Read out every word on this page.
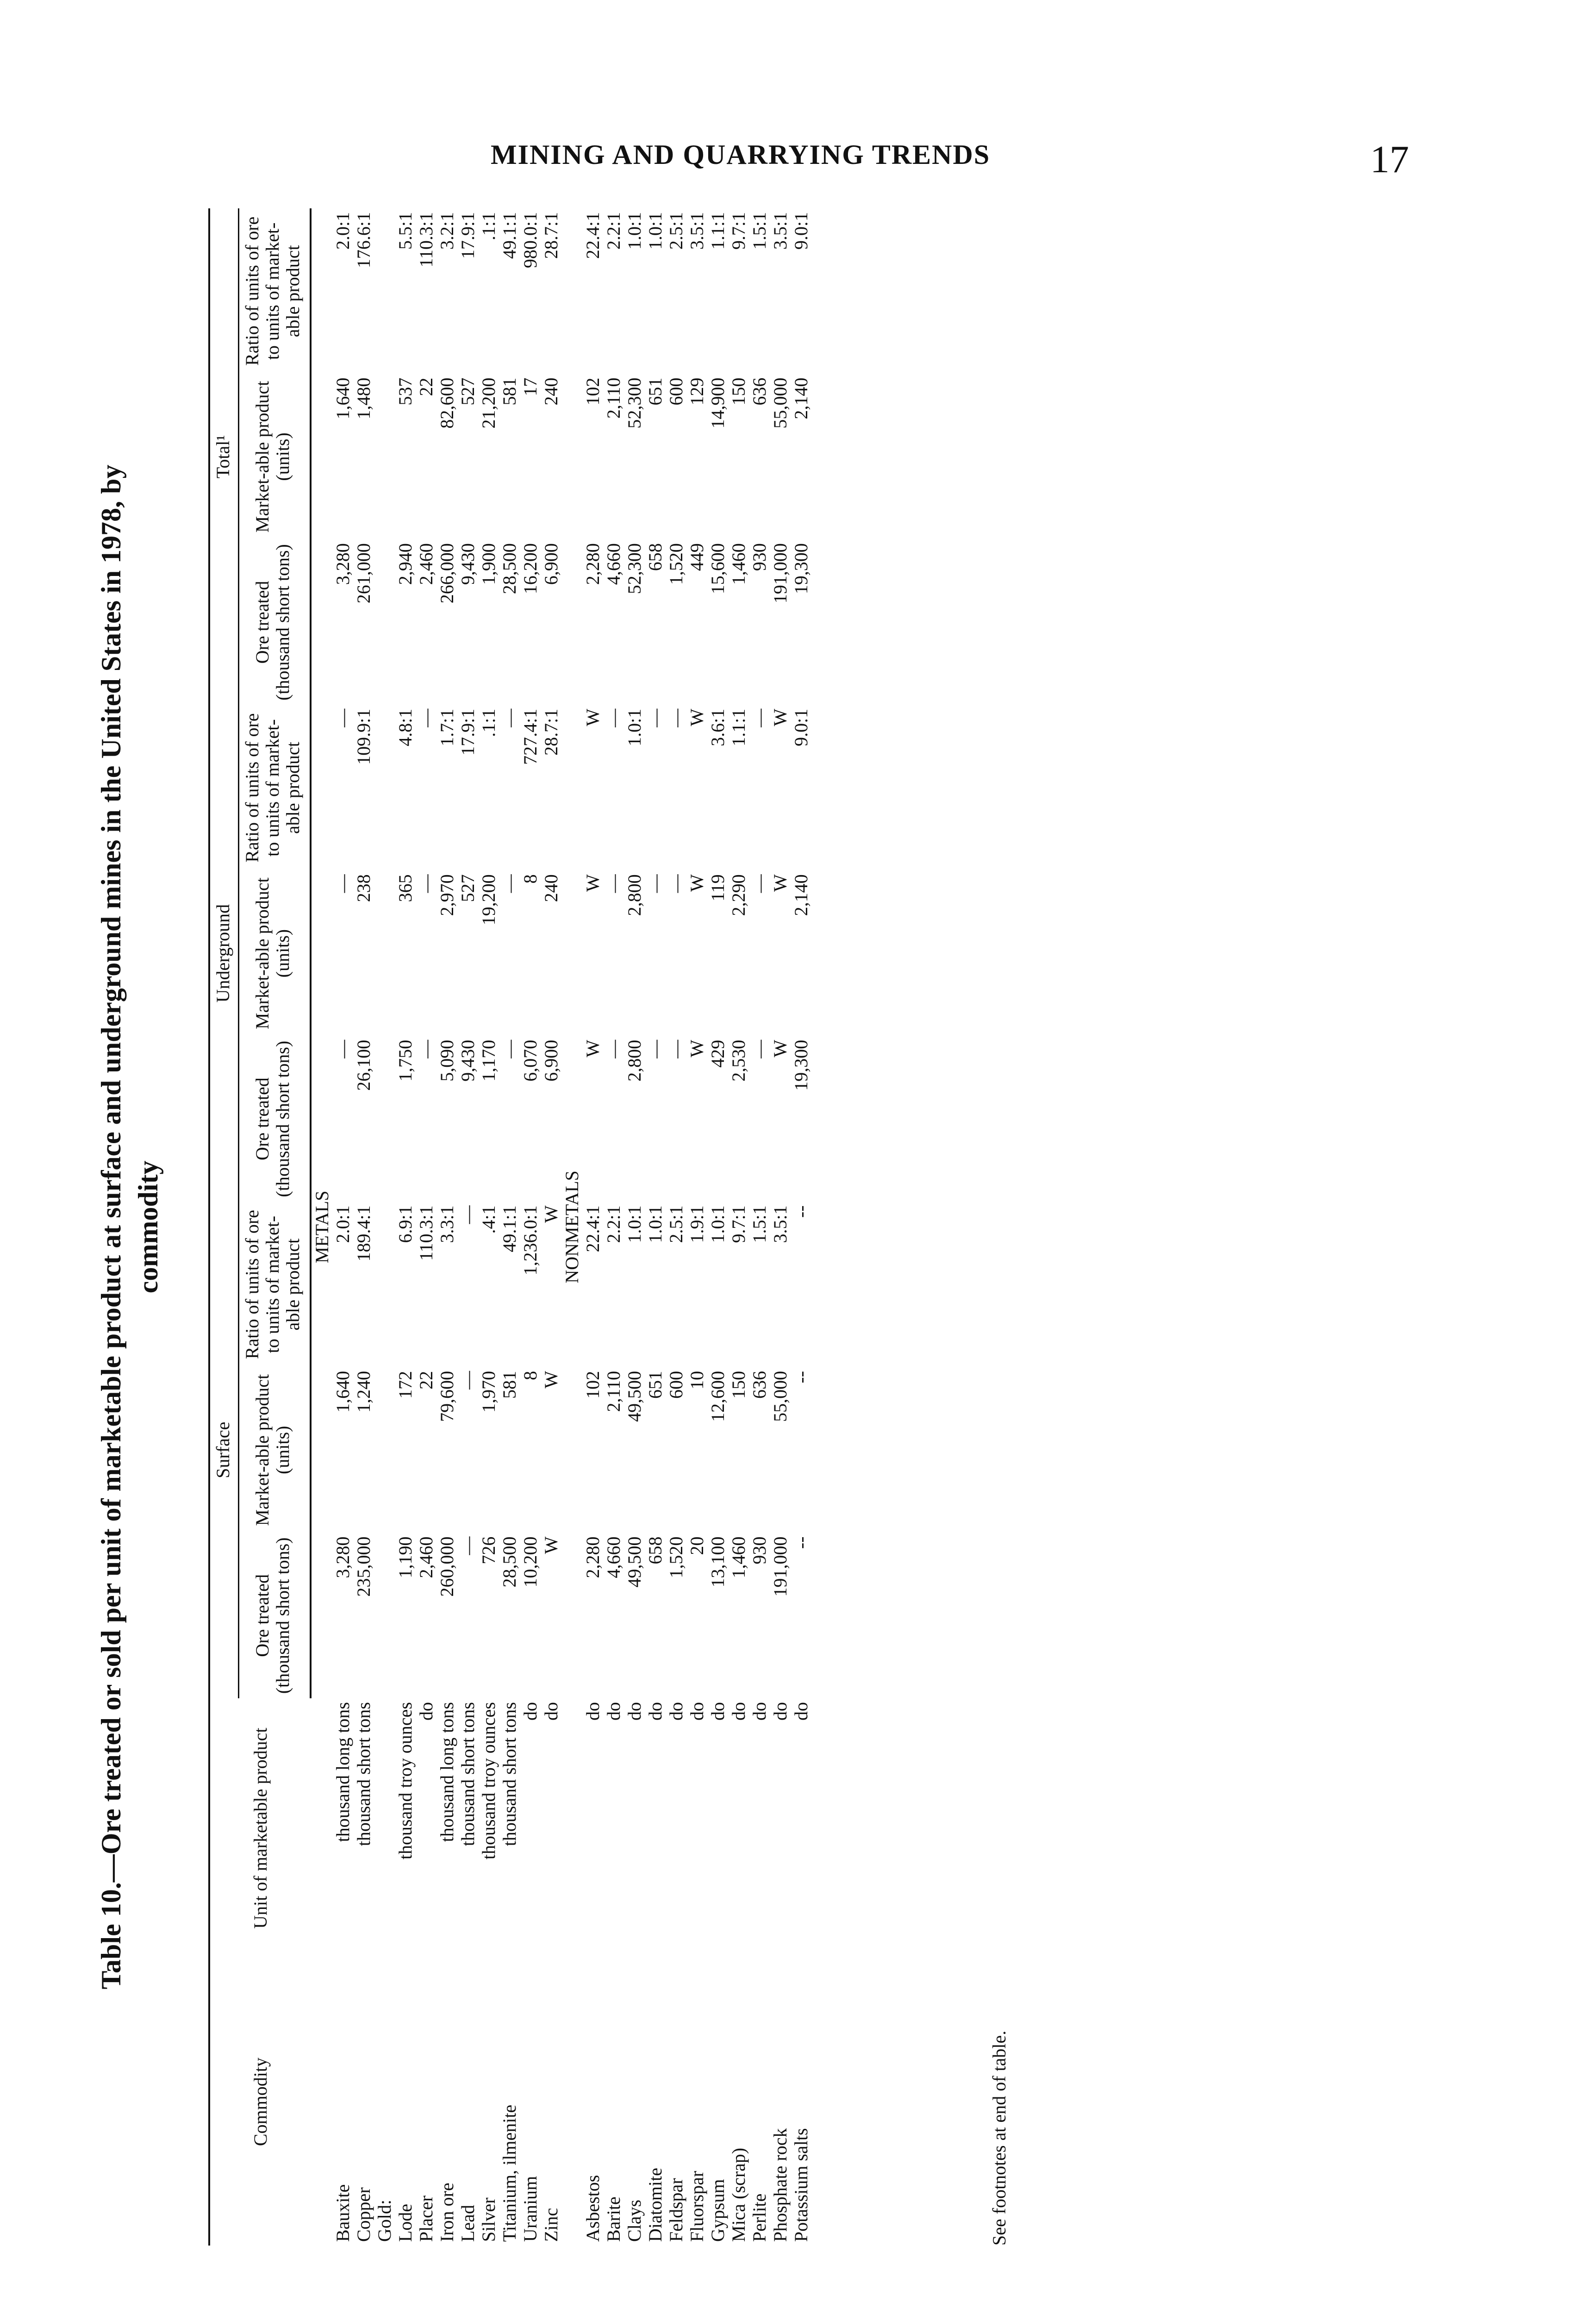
MINING AND QUARRYING TRENDS	17
Table 10.—Ore treated or sold per unit of marketable product at surface and underground mines in the United States in 1978, by commodity
Commodity	Unit of marketable product	Surface			Underground			Total¹		
		Ore treated (thousand short tons)	Market-able product (units)	Ratio of units of ore to units of market-able product	Ore treated (thousand short tons)	Market-able product (units)	Ratio of units of ore to units of market-able product	Ore treated (thousand short tons)	Market-able product (units)	Ratio of units of ore to units of market-able product
METALS										
Bauxite	thousand long tons	3,280	1,640	2.0:1	—	—	—	3,280	1,640	2.0:1
Copper	thousand short tons	235,000	1,240	189.4:1	26,100	238	109.9:1	261,000	1,480	176.6:1
Gold:										
Lode	thousand troy ounces	1,190	172	6.9:1	1,750	365	4.8:1	2,940	537	5.5:1
Placer	do	2,460	22	110.3:1	—	—	—	2,460	22	110.3:1
Iron ore	thousand long tons	260,000	79,600	3.3:1	5,090	2,970	1.7:1	266,000	82,600	3.2:1
Lead	thousand short tons	—	—	—	9,430	527	17.9:1	9,430	527	17.9:1
Silver	thousand troy ounces	726	1,970	.4:1	1,170	19,200	.1:1	1,900	21,200	.1:1
Titanium, ilmenite	thousand short tons	28,500	581	49.1:1	—	—	—	28,500	581	49.1:1
Uranium	do	10,200	8	1,236.0:1	6,070	8	727.4:1	16,200	17	980.0:1
Zinc	do	W	W	W	6,900	240	28.7:1	6,900	240	28.7:1
NONMETALS										
Asbestos	do	2,280	102	22.4:1	W	W	W	2,280	102	22.4:1
Barite	do	4,660	2,110	2.2:1	—	—	—	4,660	2,110	2.2:1
Clays	do	49,500	49,500	1.0:1	2,800	2,800	1.0:1	52,300	52,300	1.0:1
Diatomite	do	658	651	1.0:1	—	—	—	658	651	1.0:1
Feldspar	do	1,520	600	2.5:1	—	—	—	1,520	600	2.5:1
Fluorspar	do	20	10	1.9:1	W	W	W	449	129	3.5:1
Gypsum	do	13,100	12,600	1.0:1	429	119	3.6:1	15,600	14,900	1.1:1
Mica (scrap)	do	1,460	150	9.7:1	2,530	2,290	1.1:1	1,460	150	9.7:1
Perlite	do	930	636	1.5:1	—	—	—	930	636	1.5:1
Phosphate rock	do	191,000	55,000	3.5:1	W	W	W	191,000	55,000	3.5:1
Potassium salts	do	--	--	--	19,300	2,140	9.0:1	19,300	2,140	9.0:1
See footnotes at end of table.
